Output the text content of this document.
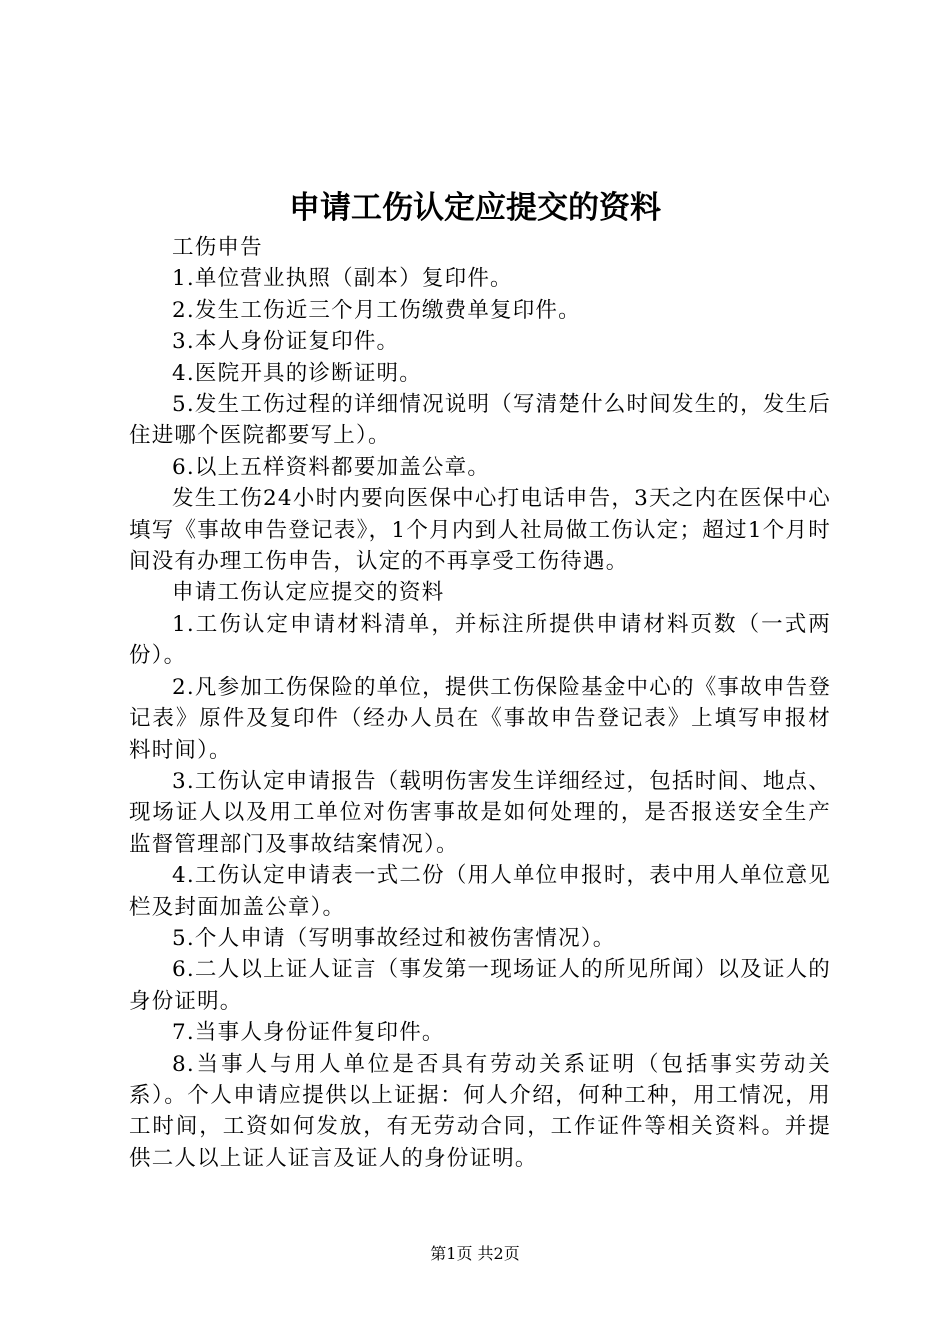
申请工伤认定应提交的资料

工伤申告

1.单位营业执照（副本）复印件。

2.发生工伤近三个月工伤缴费单复印件。

3.本人身份证复印件。

4.医院开具的诊断证明。

5.发生工伤过程的详细情况说明（写清楚什么时间发生的，发生后住进哪个医院都要写上）。

6.以上五样资料都要加盖公章。

发生工伤24小时内要向医保中心打电话申告，3天之内在医保中心填写《事故申告登记表》，1个月内到人社局做工伤认定；超过1个月时间没有办理工伤申告，认定的不再享受工伤待遇。

申请工伤认定应提交的资料

1.工伤认定申请材料清单，并标注所提供申请材料页数（一式两份）。

2.凡参加工伤保险的单位，提供工伤保险基金中心的《事故申告登记表》原件及复印件（经办人员在《事故申告登记表》上填写申报材料时间）。

3.工伤认定申请报告（载明伤害发生详细经过，包括时间、地点、现场证人以及用工单位对伤害事故是如何处理的，是否报送安全生产监督管理部门及事故结案情况）。

4.工伤认定申请表一式二份（用人单位申报时，表中用人单位意见栏及封面加盖公章）。

5.个人申请（写明事故经过和被伤害情况）。

6.二人以上证人证言（事发第一现场证人的所见所闻）以及证人的身份证明。

7.当事人身份证件复印件。

8.当事人与用人单位是否具有劳动关系证明（包括事实劳动关系）。个人申请应提供以上证据：何人介绍，何种工种，用工情况，用工时间，工资如何发放，有无劳动合同，工作证件等相关资料。并提供二人以上证人证言及证人的身份证明。

第1页 共2页
